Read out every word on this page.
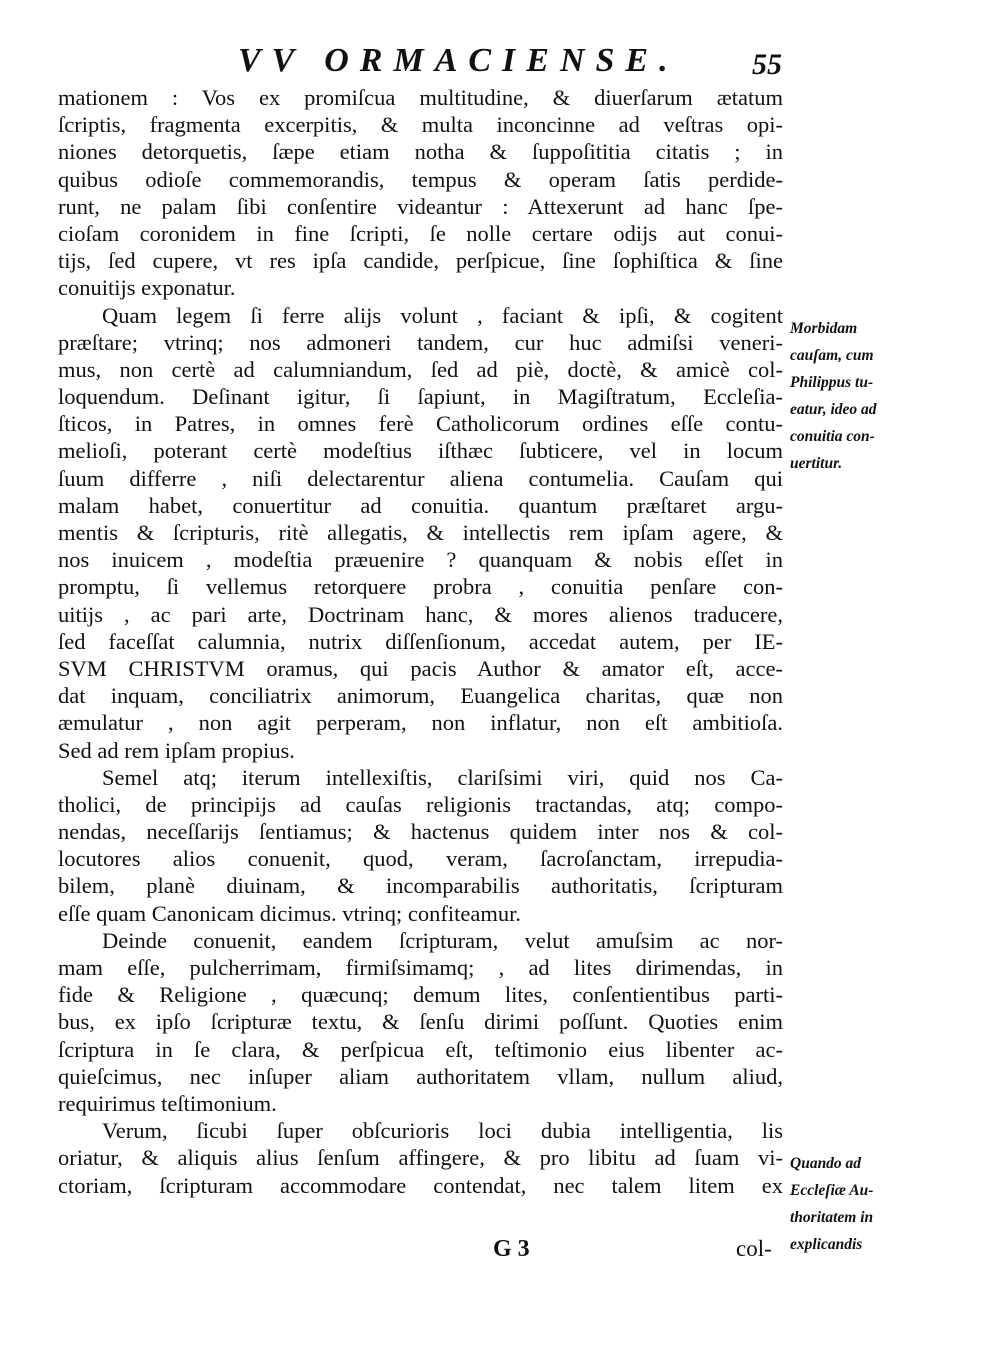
VV ORMACIENSE. 55
mationem : Vos ex promiſcua multitudine, & diuerſarum ætatum
ſcriptis, fragmenta excerpitis, & multa inconcinne ad veſtras opi-
niones detorquetis, ſæpe etiam notha & ſuppoſititia citatis ; in
quibus odioſe commemorandis, tempus & operam ſatis perdide-
runt, ne palam ſibi conſentire videantur : Attexerunt ad hanc ſpe-
cioſam coronidem in fine ſcripti, ſe nolle certare odijs aut conui-
tijs, ſed cupere, vt res ipſa candide, perſpicue, ſine ſophiſtica & ſine
conuitijs exponatur.
Quam legem ſi ferre alijs volunt , faciant & ipſi, & cogitent
præſtare; vtrinq; nos admoneri tandem, cur huc admiſsi veneri-
mus, non certè ad calumniandum, ſed ad piè, doctè, & amicè col-
loquendum. Deſinant igitur, ſi ſapiunt, in Magiſtratum, Eccleſia-
ſticos, in Patres, in omnes ferè Catholicorum ordines eſſe contu-
melioſi, poterant certè modeſtius iſthæc ſubticere, vel in locum
ſuum differre , niſi delectarentur aliena contumelia. Cauſam qui
malam habet, conuertitur ad conuitia. quantum præſtaret argu-
mentis & ſcripturis, ritè allegatis, & intellectis rem ipſam agere, &
nos inuicem , modeſtia præuenire ? quanquam & nobis eſſet in
promptu, ſi vellemus retorquere probra , conuitia penſare con-
uitijs , ac pari arte, Doctrinam hanc, & mores alienos traducere,
ſed faceſſat calumnia, nutrix diſſenſionum, accedat autem, per IE-
SVM CHRISTVM oramus, qui pacis Author & amator eſt, acce-
dat inquam, conciliatrix animorum, Euangelica charitas, quæ non
æmulatur , non agit perperam, non inflatur, non eſt ambitioſa.
Sed ad rem ipſam propius.
Semel atq; iterum intellexiſtis, clariſsimi viri, quid nos Ca-
tholici, de principijs ad cauſas religionis tractandas, atq; compo-
nendas, neceſſarijs ſentiamus; & hactenus quidem inter nos & col-
locutores alios conuenit, quod, veram, ſacroſanctam, irrepudia-
bilem, planè diuinam, & incomparabilis authoritatis, ſcripturam
eſſe quam Canonicam dicimus. vtrinq; confiteamur.
Deinde conuenit, eandem ſcripturam, velut amuſsim ac nor-
mam eſſe, pulcherrimam, firmiſsimamq; , ad lites dirimendas, in
fide & Religione , quæcunq; demum lites, conſentientibus parti-
bus, ex ipſo ſcripturæ textu, & ſenſu dirimi poſſunt. Quoties enim
ſcriptura in ſe clara, & perſpicua eſt, teſtimonio eius libenter ac-
quieſcimus, nec inſuper aliam authoritatem vllam, nullum aliud,
requirimus teſtimonium.
Verum, ſicubi ſuper obſcurioris loci dubia intelligentia, lis
oriatur, & aliquis alius ſenſum affingere, & pro libitu ad ſuam vi-
ctoriam, ſcripturam accommodare contendat, nec talem litem ex
Morbidam
cauſam, cum
Philippus tu-
eatur, ideo ad
conuitia con-
uertitur.
Quando ad
Eccleſiæ Au-
thoritatem in
explicandis
G 3	col-
